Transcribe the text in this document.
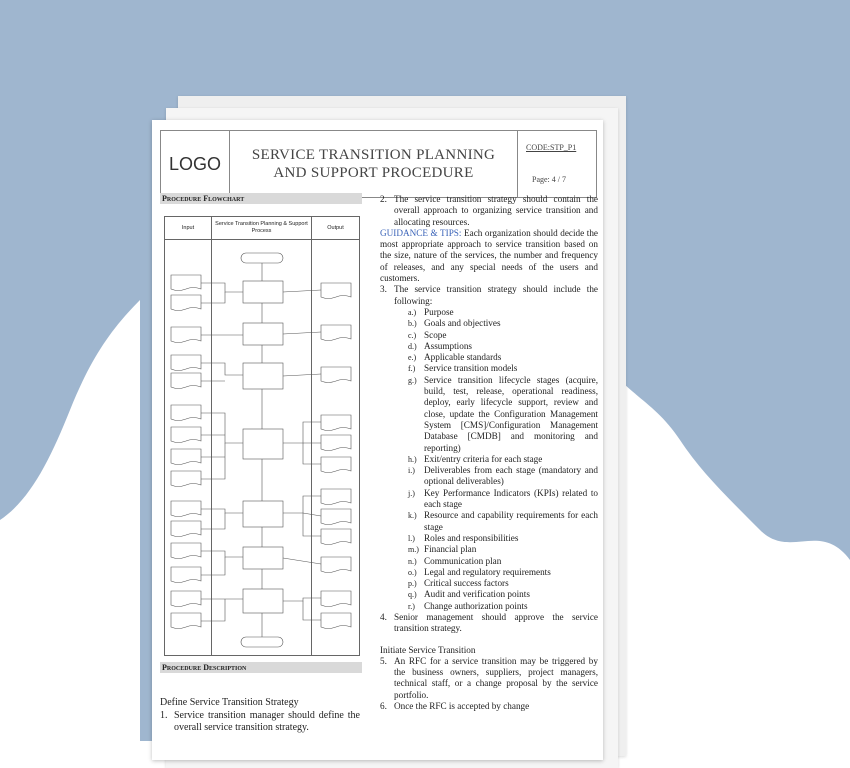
LOGO	SERVICE TRANSITION PLANNING AND SUPPORT PROCEDURE
CODE:STP_P1
Page: 4 / 7
Procedure Flowchart
Input
Service Transition Planning & Support Process
Output
Procedure Description
Define Service Transition Strategy
1. Service transition manager should define the overall service transition strategy.
2. The service transition strategy should contain the overall approach to organizing service transition and allocating resources.
GUIDANCE & TIPS: Each organization should decide the most appropriate approach to service transition based on the size, nature of the services, the number and frequency of releases, and any special needs of the users and customers.
3. The service transition strategy should include the following:
a.) Purpose
b.) Goals and objectives
c.) Scope
d.) Assumptions
e.) Applicable standards
f.) Service transition models
g.) Service transition lifecycle stages (acquire, build, test, release, operational readiness, deploy, early lifecycle support, review and close, update the Configuration Management System [CMS]/Configuration Management Database [CMDB] and monitoring and reporting)
h.) Exit/entry criteria for each stage
i.) Deliverables from each stage (mandatory and optional deliverables)
j.) Key Performance Indicators (KPIs) related to each stage
k.) Resource and capability requirements for each stage
l.) Roles and responsibilities
m.) Financial plan
n.) Communication plan
o.) Legal and regulatory requirements
p.) Critical success factors
q.) Audit and verification points
r.) Change authorization points
4. Senior management should approve the service transition strategy.
Initiate Service Transition
5. An RFC for a service transition may be triggered by the business owners, suppliers, project managers, technical staff, or a change proposal by the service portfolio.
6. Once the RFC is accepted by change
